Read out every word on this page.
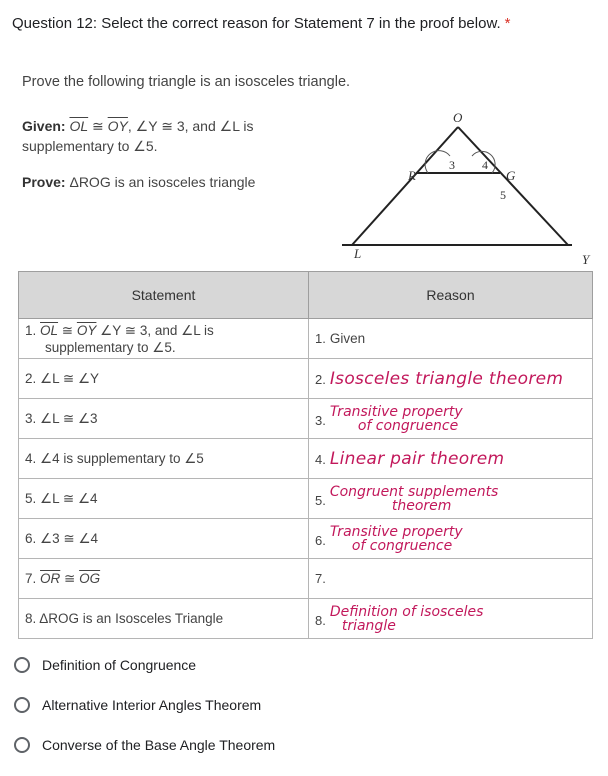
Question 12: Select the correct reason for Statement 7 in the proof below. *
Prove the following triangle is an isosceles triangle.
Given: $\overline{OL}$ ≅ $\overline{OY}$, ∠Y ≅ 3, and ∠L is
supplementary to ∠5.
Prove: ΔROG is an isosceles triangle
O
R	G
L	Y
3 4
5
Statement	Reason
1. $\overline{OL}$ ≅ $\overline{OY}$ ∠Y ≅ 3, and ∠L is
supplementary to ∠5.	1. Given
2. ∠L ≅ ∠Y	2. Isosceles triangle theorem
3. ∠L ≅ ∠3	3.
Transitive property
of congruence

4. ∠4 is supplementary to ∠5	4. Linear pair theorem
5. ∠L ≅ ∠4	5.
Congruent supplements
theorem

6. ∠3 ≅ ∠4	6.
Transitive property
of congruence

7. $\overline{OR}$ ≅ $\overline{OG}$	7.
8. ΔROG is an Isosceles Triangle	8.
Definition of isosceles
triangle
Definition of Congruence
Alternative Interior Angles Theorem
Converse of the Base Angle Theorem
